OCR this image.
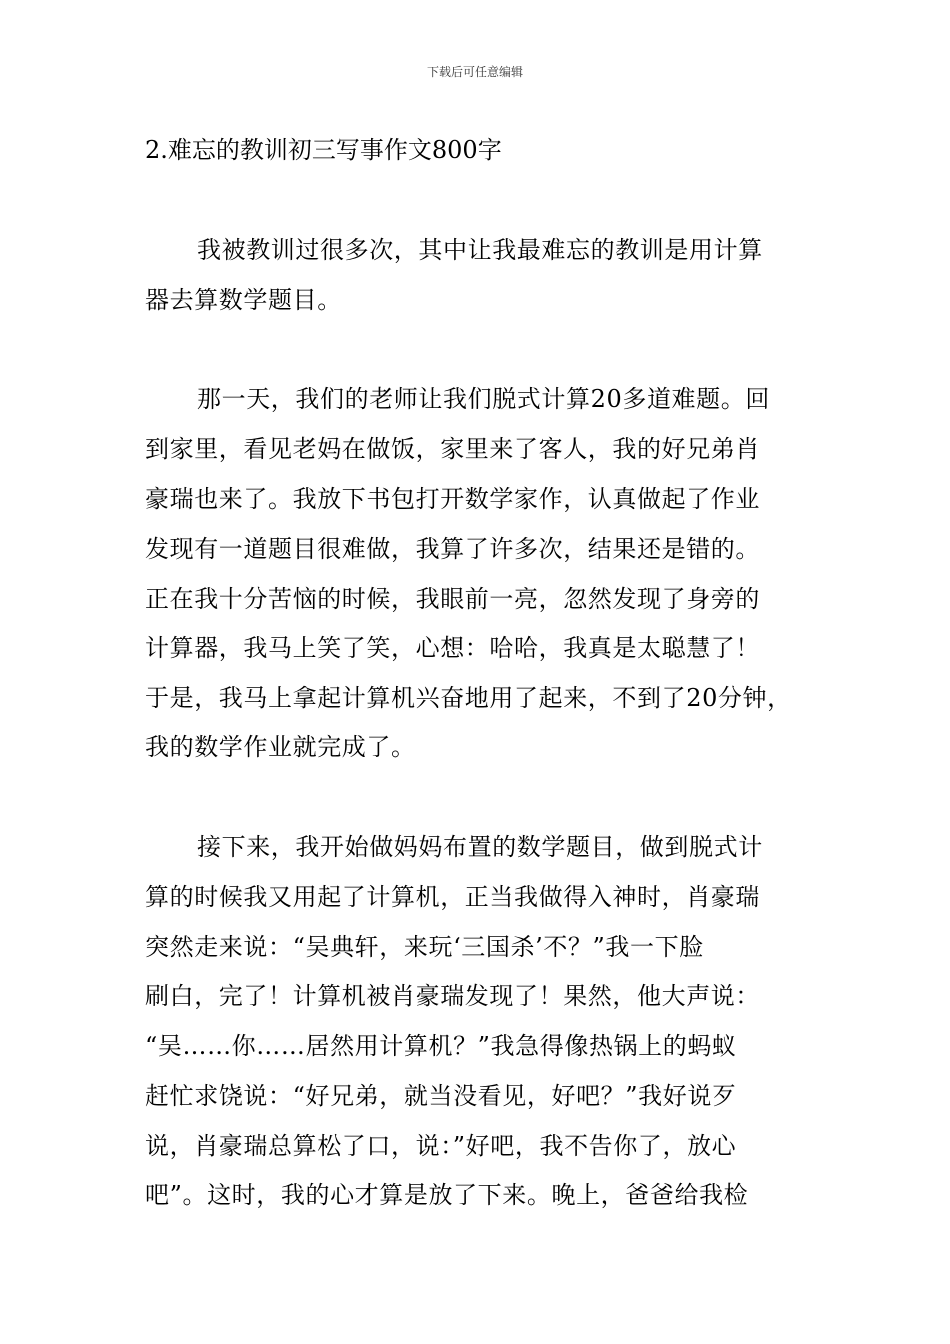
下载后可任意编辑
2.难忘的教训初三写事作文800字
我被教训过很多次，其中让我最难忘的教训是用计算
器去算数学题目。
那一天，我们的老师让我们脱式计算20多道难题。回
到家里，看见老妈在做饭，家里来了客人，我的好兄弟肖
豪瑞也来了。我放下书包打开数学家作，认真做起了作业
发现有一道题目很难做，我算了许多次，结果还是错的。
正在我十分苦恼的时候，我眼前一亮，忽然发现了身旁的
计算器，我马上笑了笑，心想：哈哈，我真是太聪慧了！
于是，我马上拿起计算机兴奋地用了起来，不到了20分钟，
我的数学作业就完成了。
接下来，我开始做妈妈布置的数学题目，做到脱式计
算的时候我又用起了计算机，正当我做得入神时，肖豪瑞
突然走来说：“吴典轩，来玩‘三国杀’不？”我一下脸
刷白，完了！计算机被肖豪瑞发现了！果然，他大声说：
“吴……你……居然用计算机？”我急得像热锅上的蚂蚁
赶忙求饶说：“好兄弟，就当没看见，好吧？”我好说歹
说，肖豪瑞总算松了口，说：”好吧，我不告你了，放心
吧”。这时，我的心才算是放了下来。晚上，爸爸给我检
